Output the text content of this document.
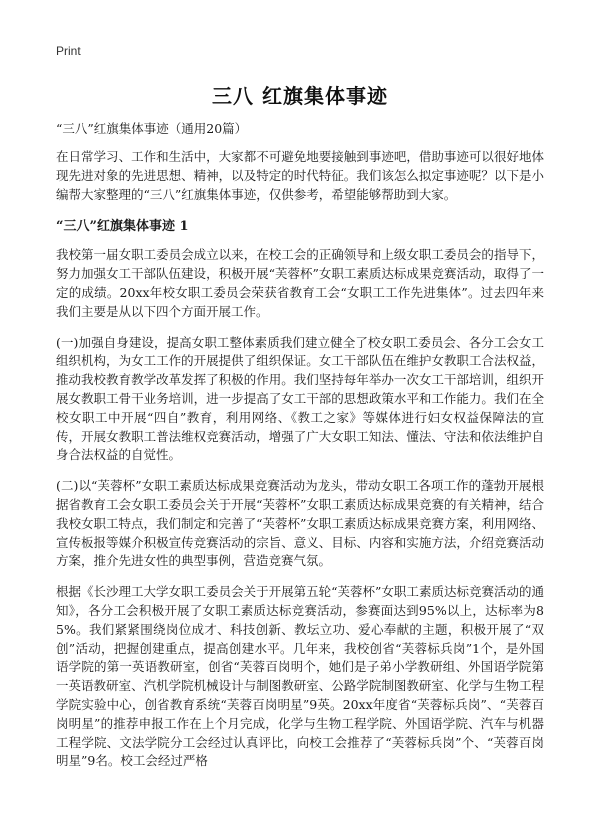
Print
三八 红旗集体事迹
“三八”红旗集体事迹（通用20篇）

在日常学习、工作和生活中，大家都不可避免地要接触到事迹吧，借助事迹可以很好地体现先进对象的先进思想、精神，以及特定的时代特征。我们该怎么拟定事迹呢？以下是小编帮大家整理的“三八”红旗集体事迹，仅供参考，希望能够帮助到大家。

“三八”红旗集体事迹 1

我校第一届女职工委员会成立以来，在校工会的正确领导和上级女职工委员会的指导下，努力加强女工干部队伍建设，积极开展“芙蓉杯”女职工素质达标成果竞赛活动，取得了一定的成绩。20xx年校女职工委员会荣获省教育工会“女职工工作先进集体”。过去四年来我们主要是从以下四个方面开展工作。

(一)加强自身建设，提高女职工整体素质我们建立健全了校女职工委员会、各分工会女工组织机构，为女工工作的开展提供了组织保证。女工干部队伍在维护女教职工合法权益，推动我校教育教学改革发挥了积极的作用。我们坚持每年举办一次女工干部培训，组织开展女教职工骨干业务培训，进一步提高了女工干部的思想政策水平和工作能力。我们在全校女职工中开展“四自”教育，利用网络、《教工之家》等媒体进行妇女权益保障法的宣传，开展女教职工普法维权竞赛活动，增强了广大女职工知法、懂法、守法和依法维护自身合法权益的自觉性。

(二)以“芙蓉杯”女职工素质达标成果竞赛活动为龙头，带动女职工各项工作的蓬勃开展根据省教育工会女职工委员会关于开展“芙蓉杯”女职工素质达标成果竞赛的有关精神，结合我校女职工特点，我们制定和完善了“芙蓉杯”女职工素质达标成果竞赛方案，利用网络、宣传板报等媒介积极宣传竞赛活动的宗旨、意义、目标、内容和实施方法，介绍竞赛活动方案，推介先进女性的典型事例，营造竞赛气氛。

根据《长沙理工大学女职工委员会关于开展第五轮“芙蓉杯”女职工素质达标竞赛活动的通知》，各分工会积极开展了女职工素质达标竞赛活动，参赛面达到95%以上，达标率为85%。我们紧紧围绕岗位成才、科技创新、教坛立功、爱心奉献的主题，积极开展了“双创”活动，把握创建重点，提高创建水平。几年来，我校创省“芙蓉标兵岗”1个，是外国语学院的第一英语教研室，创省“芙蓉百岗明个，她们是子弟小学教研组、外国语学院第一英语教研室、汽机学院机械设计与制图教研室、公路学院制图教研室、化学与生物工程学院实验中心，创省教育系统“芙蓉百岗明星”9英。20xx年度省“芙蓉标兵岗”、“芙蓉百岗明星”的推荐申报工作在上个月完成，化学与生物工程学院、外国语学院、汽车与机器工程学院、文法学院分工会经过认真评比，向校工会推荐了“芙蓉标兵岗”个、“芙蓉百岗明星”9名。校工会经过严格
